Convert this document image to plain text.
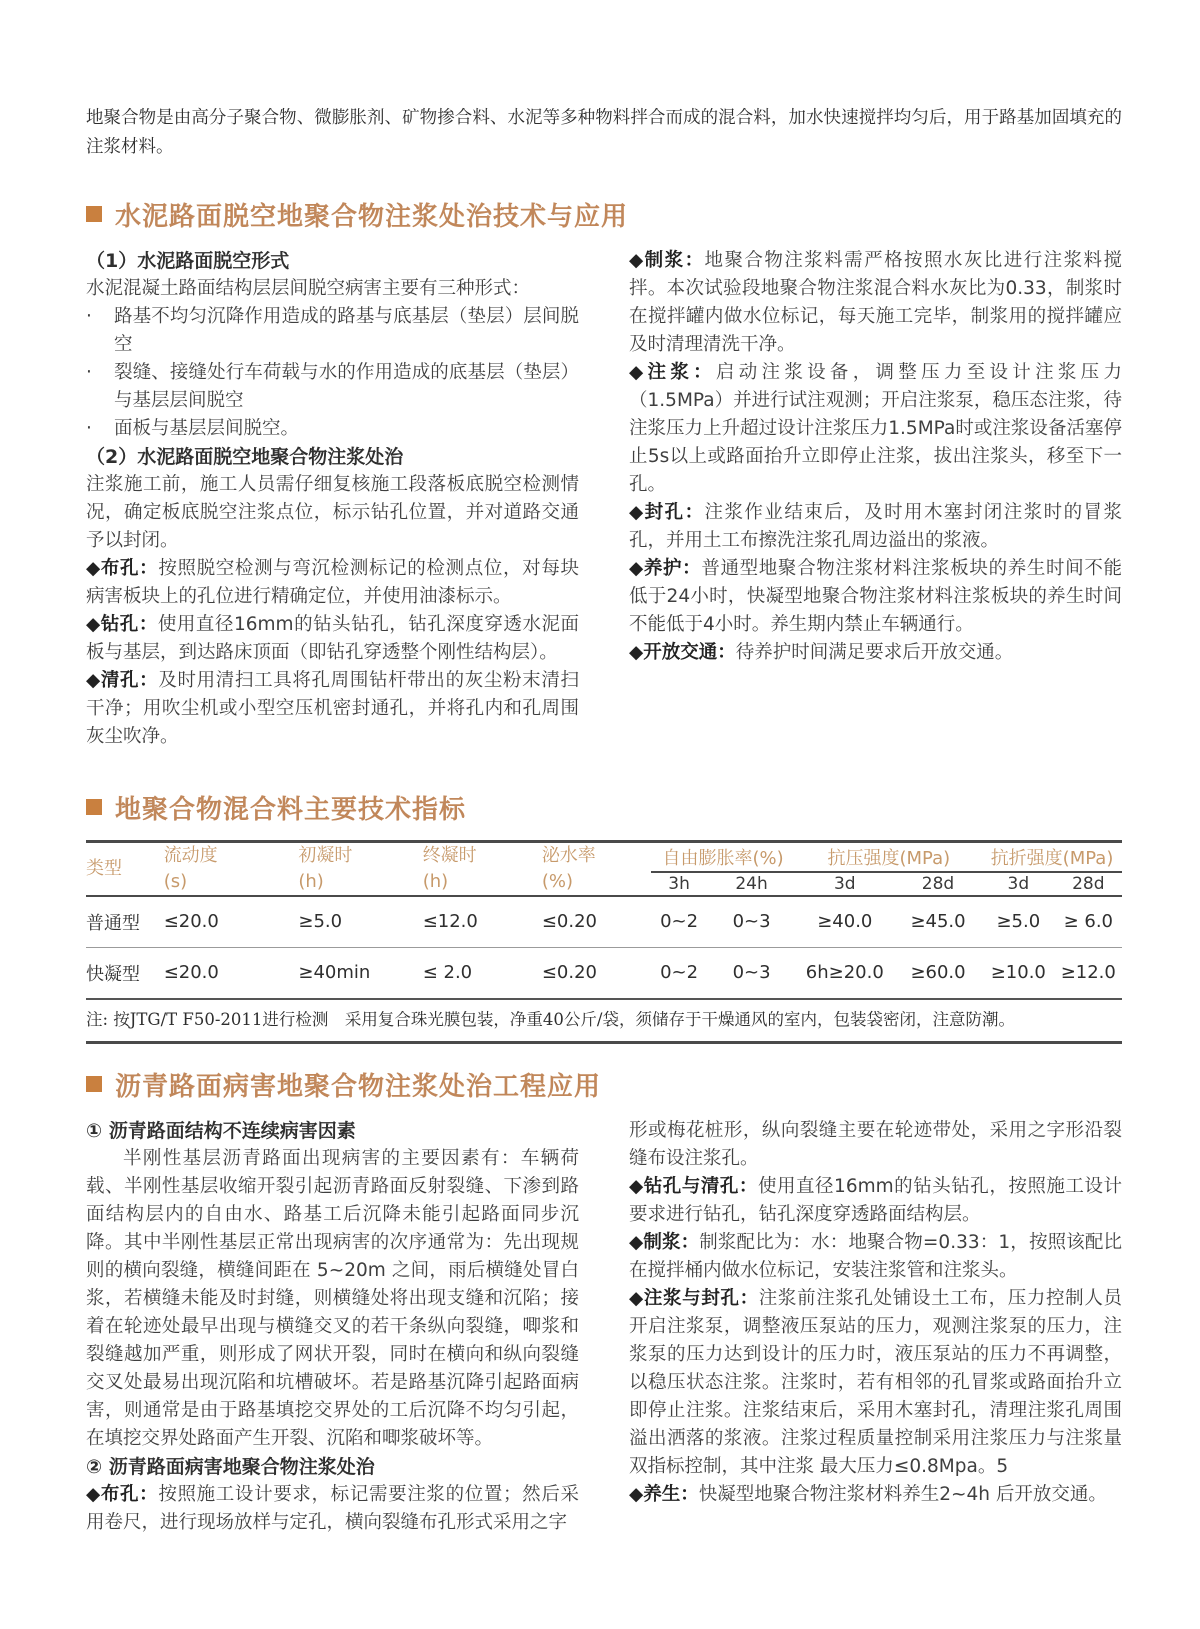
地聚合物是由高分子聚合物、微膨胀剂、矿物掺合料、水泥等多种物料拌合而成的混合料，加水快速搅拌均匀后，用于路基加固填充的注浆材料。

水泥路面脱空地聚合物注浆处治技术与应用

（1）水泥路面脱空形式

水泥混凝土路面结构层层间脱空病害主要有三种形式：

· 路基不均匀沉降作用造成的路基与底基层（垫层）层间脱空

· 裂缝、接缝处行车荷载与水的作用造成的底基层（垫层）与基层层间脱空

· 面板与基层层间脱空。

（2）水泥路面脱空地聚合物注浆处治

注浆施工前，施工人员需仔细复核施工段落板底脱空检测情况，确定板底脱空注浆点位，标示钻孔位置，并对道路交通予以封闭。

◆布孔：按照脱空检测与弯沉检测标记的检测点位，对每块病害板块上的孔位进行精确定位，并使用油漆标示。

◆钻孔：使用直径16mm的钻头钻孔，钻孔深度穿透水泥面板与基层，到达路床顶面（即钻孔穿透整个刚性结构层）。

◆清孔：及时用清扫工具将孔周围钻杆带出的灰尘粉末清扫干净；用吹尘机或小型空压机密封通孔，并将孔内和孔周围灰尘吹净。

◆制浆：地聚合物注浆料需严格按照水灰比进行注浆料搅拌。本次试验段地聚合物注浆混合料水灰比为0.33，制浆时在搅拌罐内做水位标记，每天施工完毕，制浆用的搅拌罐应及时清理清洗干净。

◆注浆：启动注浆设备，调整压力至设计注浆压力（1.5MPa）并进行试注观测；开启注浆泵，稳压态注浆，待注浆压力上升超过设计注浆压力1.5MPa时或注浆设备活塞停止5s以上或路面抬升立即停止注浆，拔出注浆头，移至下一孔。

◆封孔：注浆作业结束后，及时用木塞封闭注浆时的冒浆孔，并用土工布擦洗注浆孔周边溢出的浆液。

◆养护：普通型地聚合物注浆材料注浆板块的养生时间不能低于24小时，快凝型地聚合物注浆材料注浆板块的养生时间不能低于4小时。养生期内禁止车辆通行。

◆开放交通：待养护时间满足要求后开放交通。

地聚合物混合料主要技术指标
类型	流动度
(s)	初凝时
(h)	终凝时
(h)	泌水率
(%)	自由膨胀率(%)		抗压强度(MPa)		抗折强度(MPa)	
					3h	24h	3d	28d	3d	28d
普通型	≤20.0	≥5.0	≤12.0	≤0.20	0~2	0~3	≥40.0	≥45.0	≥5.0	≥ 6.0
快凝型	≤20.0	≥40min	≤ 2.0	≤0.20	0~2	0~3	6h≥20.0	≥60.0	≥10.0	≥12.0
注: 按JTG/T F50-2011进行检测　采用复合珠光膜包装，净重40公斤/袋，须储存于干燥通风的室内，包装袋密闭，注意防潮。
沥青路面病害地聚合物注浆处治工程应用

① 沥青路面结构不连续病害因素

半刚性基层沥青路面出现病害的主要因素有：车辆荷载、半刚性基层收缩开裂引起沥青路面反射裂缝、下渗到路面结构层内的自由水、路基工后沉降未能引起路面同步沉降。其中半刚性基层正常出现病害的次序通常为：先出现规则的横向裂缝，横缝间距在 5~20m 之间，雨后横缝处冒白浆，若横缝未能及时封缝，则横缝处将出现支缝和沉陷；接着在轮迹处最早出现与横缝交叉的若干条纵向裂缝，唧浆和裂缝越加严重，则形成了网状开裂，同时在横向和纵向裂缝交叉处最易出现沉陷和坑槽破坏。若是路基沉降引起路面病害，则通常是由于路基填挖交界处的工后沉降不均匀引起，在填挖交界处路面产生开裂、沉陷和唧浆破坏等。

② 沥青路面病害地聚合物注浆处治

◆布孔：按照施工设计要求，标记需要注浆的位置；然后采用卷尺，进行现场放样与定孔，横向裂缝布孔形式采用之字

形或梅花桩形，纵向裂缝主要在轮迹带处，采用之字形沿裂缝布设注浆孔。

◆钻孔与清孔：使用直径16mm的钻头钻孔，按照施工设计要求进行钻孔，钻孔深度穿透路面结构层。

◆制浆：制浆配比为：水：地聚合物=0.33：1，按照该配比在搅拌桶内做水位标记，安装注浆管和注浆头。

◆注浆与封孔：注浆前注浆孔处铺设土工布，压力控制人员开启注浆泵，调整液压泵站的压力，观测注浆泵的压力，注浆泵的压力达到设计的压力时，液压泵站的压力不再调整，以稳压状态注浆。注浆时，若有相邻的孔冒浆或路面抬升立即停止注浆。注浆结束后，采用木塞封孔，清理注浆孔周围溢出洒落的浆液。注浆过程质量控制采用注浆压力与注浆量双指标控制，其中注浆 最大压力≤0.8Mpa。5

◆养生：快凝型地聚合物注浆材料养生2~4h 后开放交通。
